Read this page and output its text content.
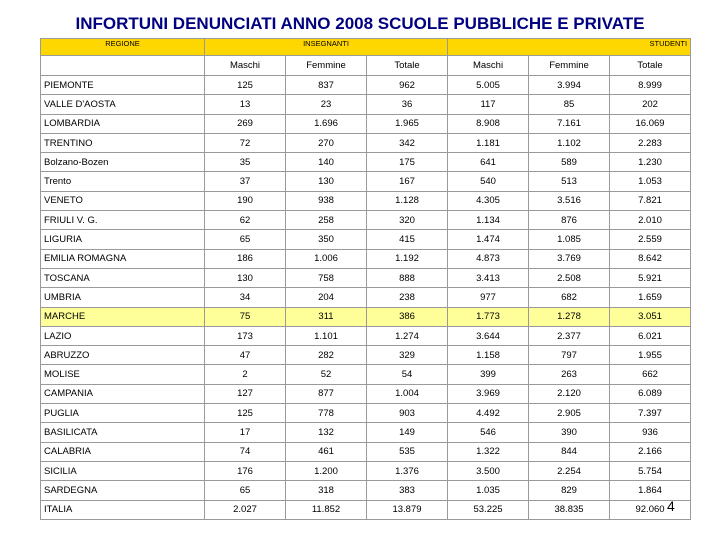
INFORTUNI DENUNCIATI ANNO 2008 SCUOLE PUBBLICHE E PRIVATE
REGIONE	INSEGNANTI			STUDENTI		
	Maschi	Femmine	Totale	Maschi	Femmine	Totale
PIEMONTE	125	837	962	5.005	3.994	8.999
VALLE D'AOSTA	13	23	36	117	85	202
LOMBARDIA	269	1.696	1.965	8.908	7.161	16.069
TRENTINO	72	270	342	1.181	1.102	2.283
Bolzano-Bozen	35	140	175	641	589	1.230
Trento	37	130	167	540	513	1.053
VENETO	190	938	1.128	4.305	3.516	7.821
FRIULI V. G.	62	258	320	1.134	876	2.010
LIGURIA	65	350	415	1.474	1.085	2.559
EMILIA ROMAGNA	186	1.006	1.192	4.873	3.769	8.642
TOSCANA	130	758	888	3.413	2.508	5.921
UMBRIA	34	204	238	977	682	1.659
MARCHE	75	311	386	1.773	1.278	3.051
LAZIO	173	1.101	1.274	3.644	2.377	6.021
ABRUZZO	47	282	329	1.158	797	1.955
MOLISE	2	52	54	399	263	662
CAMPANIA	127	877	1.004	3.969	2.120	6.089
PUGLIA	125	778	903	4.492	2.905	7.397
BASILICATA	17	132	149	546	390	936
CALABRIA	74	461	535	1.322	844	2.166
SICILIA	176	1.200	1.376	3.500	2.254	5.754
SARDEGNA	65	318	383	1.035	829	1.864
ITALIA	2.027	11.852	13.879	53.225	38.835	92.060 4
